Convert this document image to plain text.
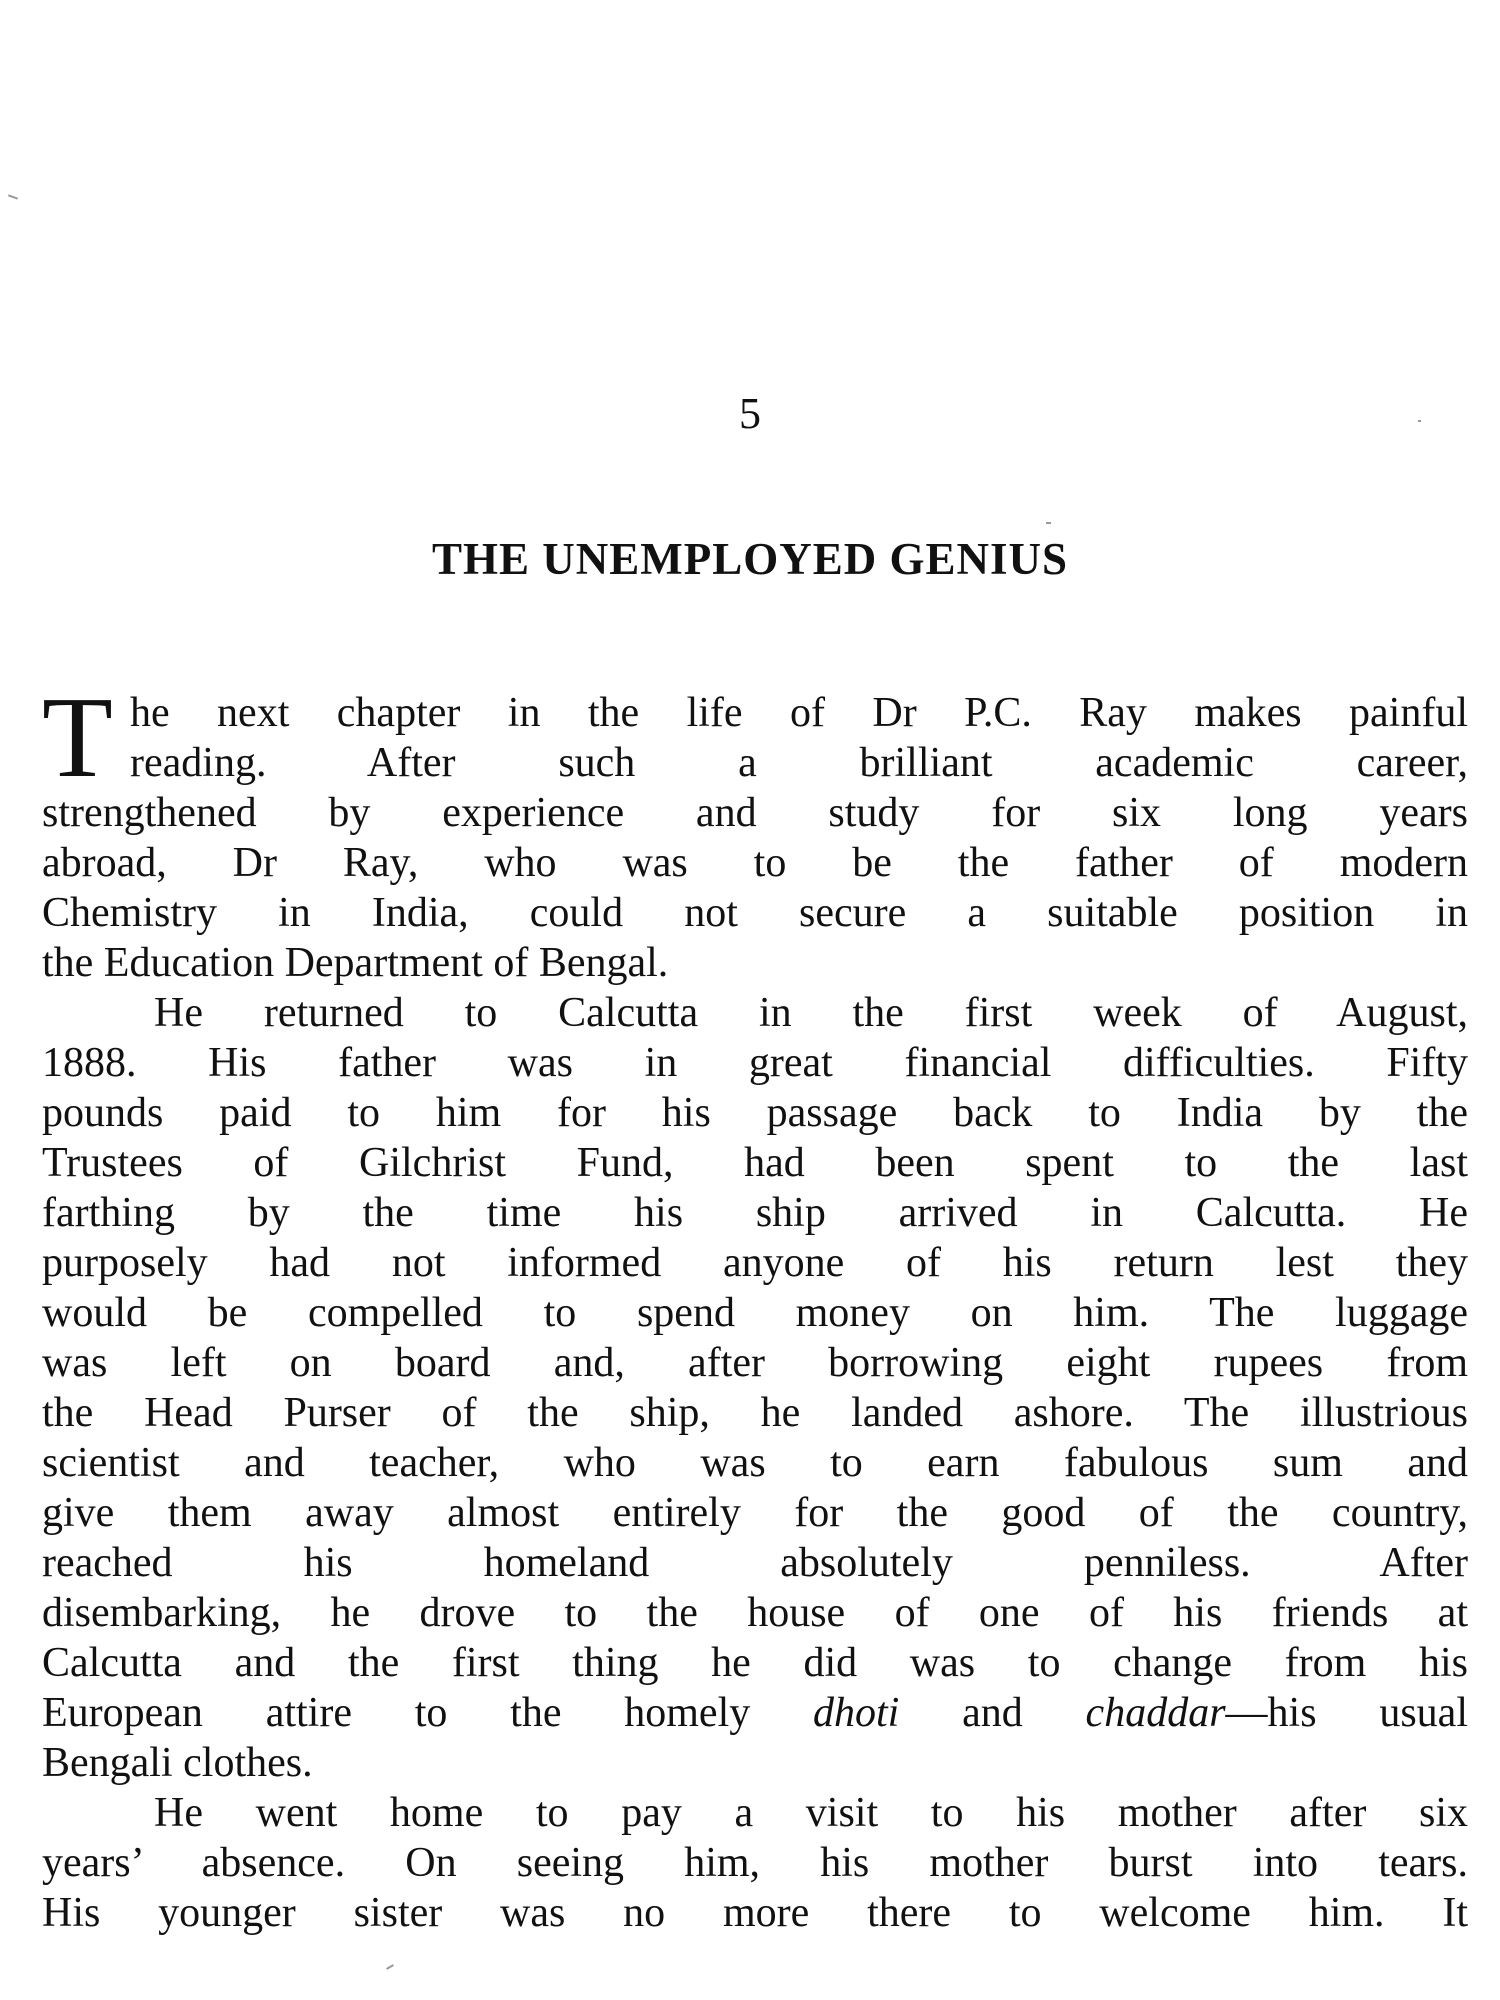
5
THE UNEMPLOYED GENIUS
T he next chapter in the life of Dr P.C. Ray makes painful
reading. After such a brilliant academic career,
strengthened by experience and study for six long years
abroad, Dr Ray, who was to be the father of modern
Chemistry in India, could not secure a suitable position in
the Education Department of Bengal.
He returned to Calcutta in the first week of August,
1888. His father was in great financial difficulties. Fifty
pounds paid to him for his passage back to India by the
Trustees of Gilchrist Fund, had been spent to the last
farthing by the time his ship arrived in Calcutta. He
purposely had not informed anyone of his return lest they
would be compelled to spend money on him. The luggage
was left on board and, after borrowing eight rupees from
the Head Purser of the ship, he landed ashore. The illustrious
scientist and teacher, who was to earn fabulous sum and
give them away almost entirely for the good of the country,
reached his homeland absolutely penniless. After
disembarking, he drove to the house of one of his friends at
Calcutta and the first thing he did was to change from his
European attire to the homely dhoti and chaddar—his usual
Bengali clothes.
He went home to pay a visit to his mother after six
years’ absence. On seeing him, his mother burst into tears.
His younger sister was no more there to welcome him. It
